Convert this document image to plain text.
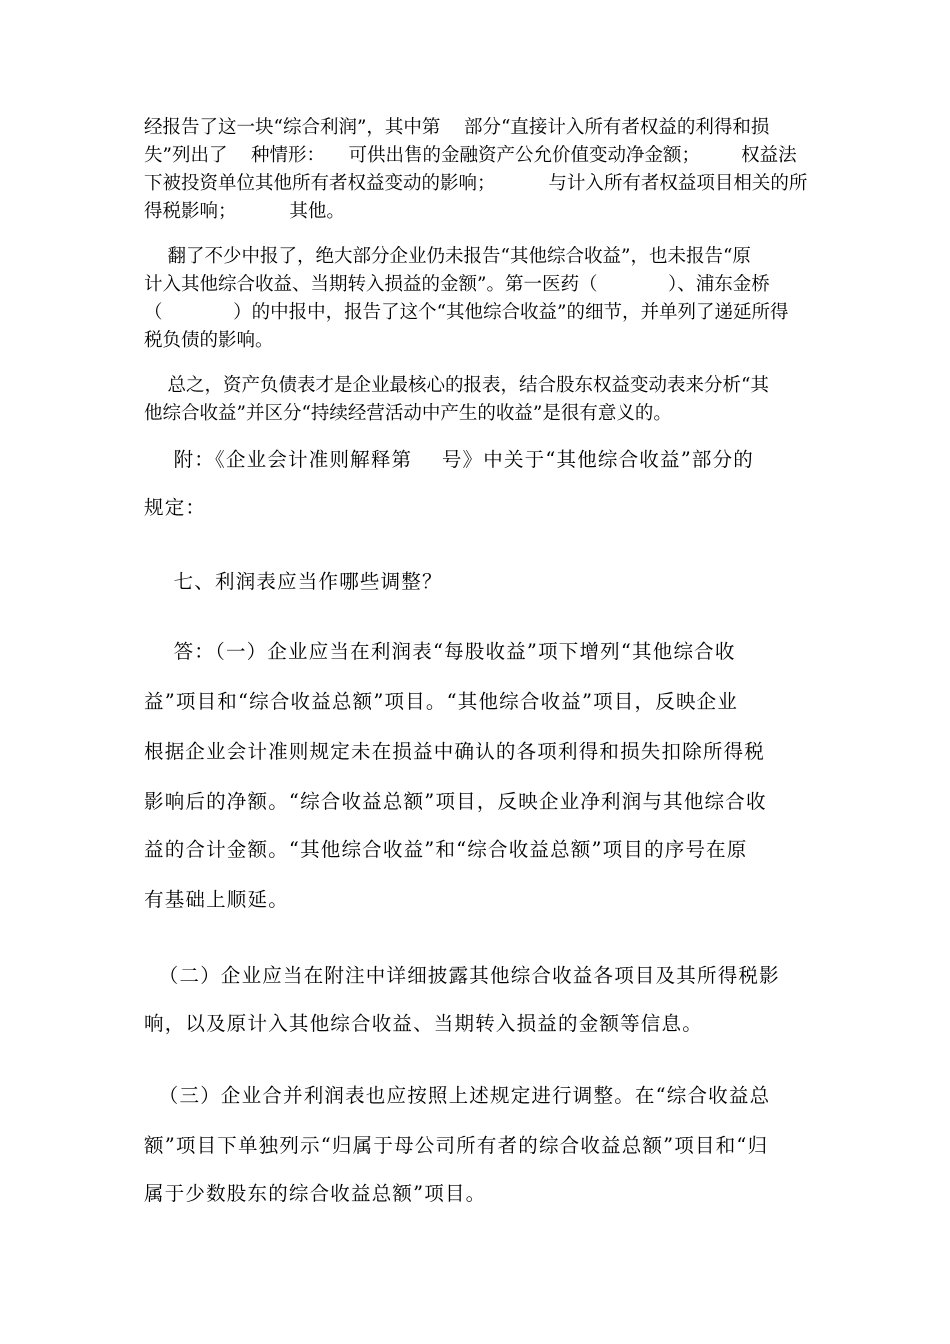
经报告了这一块“综合利润”，其中第    部分“直接计入所有者权益的利得和损
失”列出了    种情形：    可供出售的金融资产公允价值变动净金额；       权益法
下被投资单位其他所有者权益变动的影响；         与计入所有者权益项目相关的所
得税影响；         其他。
翻了不少中报了，绝大部分企业仍未报告“其他综合收益”，也未报告“原
计入其他综合收益、当期转入损益的金额”。第一医药（            ）、浦东金桥
（            ）的中报中，报告了这个“其他综合收益”的细节，并单列了递延所得
税负债的影响。
总之，资产负债表才是企业最核心的报表，结合股东权益变动表来分析“其
他综合收益”并区分“持续经营活动中产生的收益”是很有意义的。
附：《企业会计准则解释第    号》中关于“其他综合收益”部分的
规定：
七、利润表应当作哪些调整？
答：（一）企业应当在利润表“每股收益”项下增列“其他综合收
益”项目和“综合收益总额”项目。“其他综合收益”项目，反映企业
根据企业会计准则规定未在损益中确认的各项利得和损失扣除所得税
影响后的净额。“综合收益总额”项目，反映企业净利润与其他综合收
益的合计金额。“其他综合收益”和“综合收益总额”项目的序号在原
有基础上顺延。
（二）企业应当在附注中详细披露其他综合收益各项目及其所得税影
响，以及原计入其他综合收益、当期转入损益的金额等信息。
（三）企业合并利润表也应按照上述规定进行调整。在“综合收益总
额”项目下单独列示“归属于母公司所有者的综合收益总额”项目和“归
属于少数股东的综合收益总额”项目。
